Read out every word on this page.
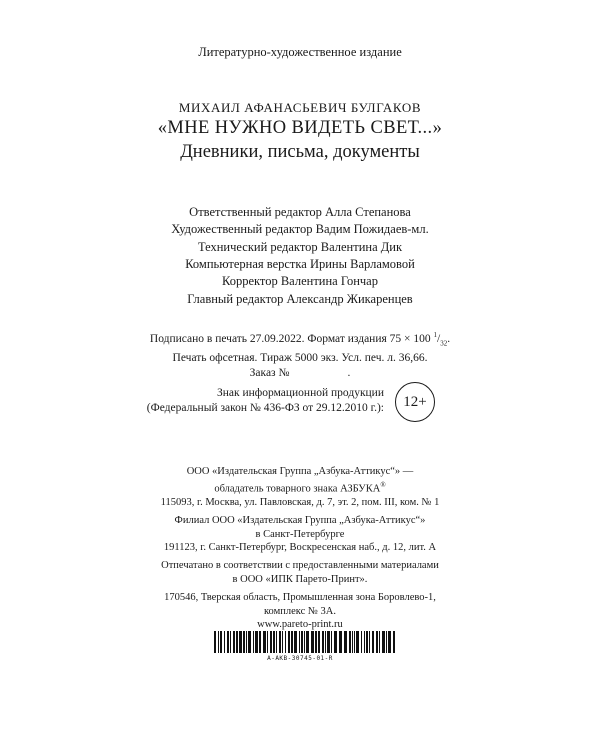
Литературно-художественное издание
МИХАИЛ АФАНАСЬЕВИЧ БУЛГАКОВ
«МНЕ НУЖНО ВИДЕТЬ СВЕТ...»
Дневники, письма, документы
Ответственный редактор Алла Степанова
Художественный редактор Вадим Пожидаев-мл.
Технический редактор Валентина Дик
Компьютерная верстка Ирины Варламовой
Корректор Валентина Гончар
Главный редактор Александр Жикаренцев
Подписано в печать 27.09.2022. Формат издания 75 × 100 $^1/_{32}$.
Печать офсетная. Тираж 5000 экз. Усл. печ. л. 36,66.
Заказ №	.
Знак информационной продукции
(Федеральный закон № 436-ФЗ от 29.12.2010 г.): 12+
ООО «Издательская Группа „Азбука-Аттикус“» —
обладатель товарного знака АЗБУКА®
115093, г. Москва, ул. Павловская, д. 7, эт. 2, пом. III, ком. № 1
Филиал ООО «Издательская Группа „Азбука-Аттикус“»
в Санкт-Петербурге
191123, г. Санкт-Петербург, Воскресенская наб., д. 12, лит. А
Отпечатано в соответствии с предоставленными материалами
в ООО «ИПК Парето-Принт».
170546, Тверская область, Промышленная зона Боровлево-1,
комплекс № 3А.
www.pareto-print.ru
A-AKB-30745-01-R
